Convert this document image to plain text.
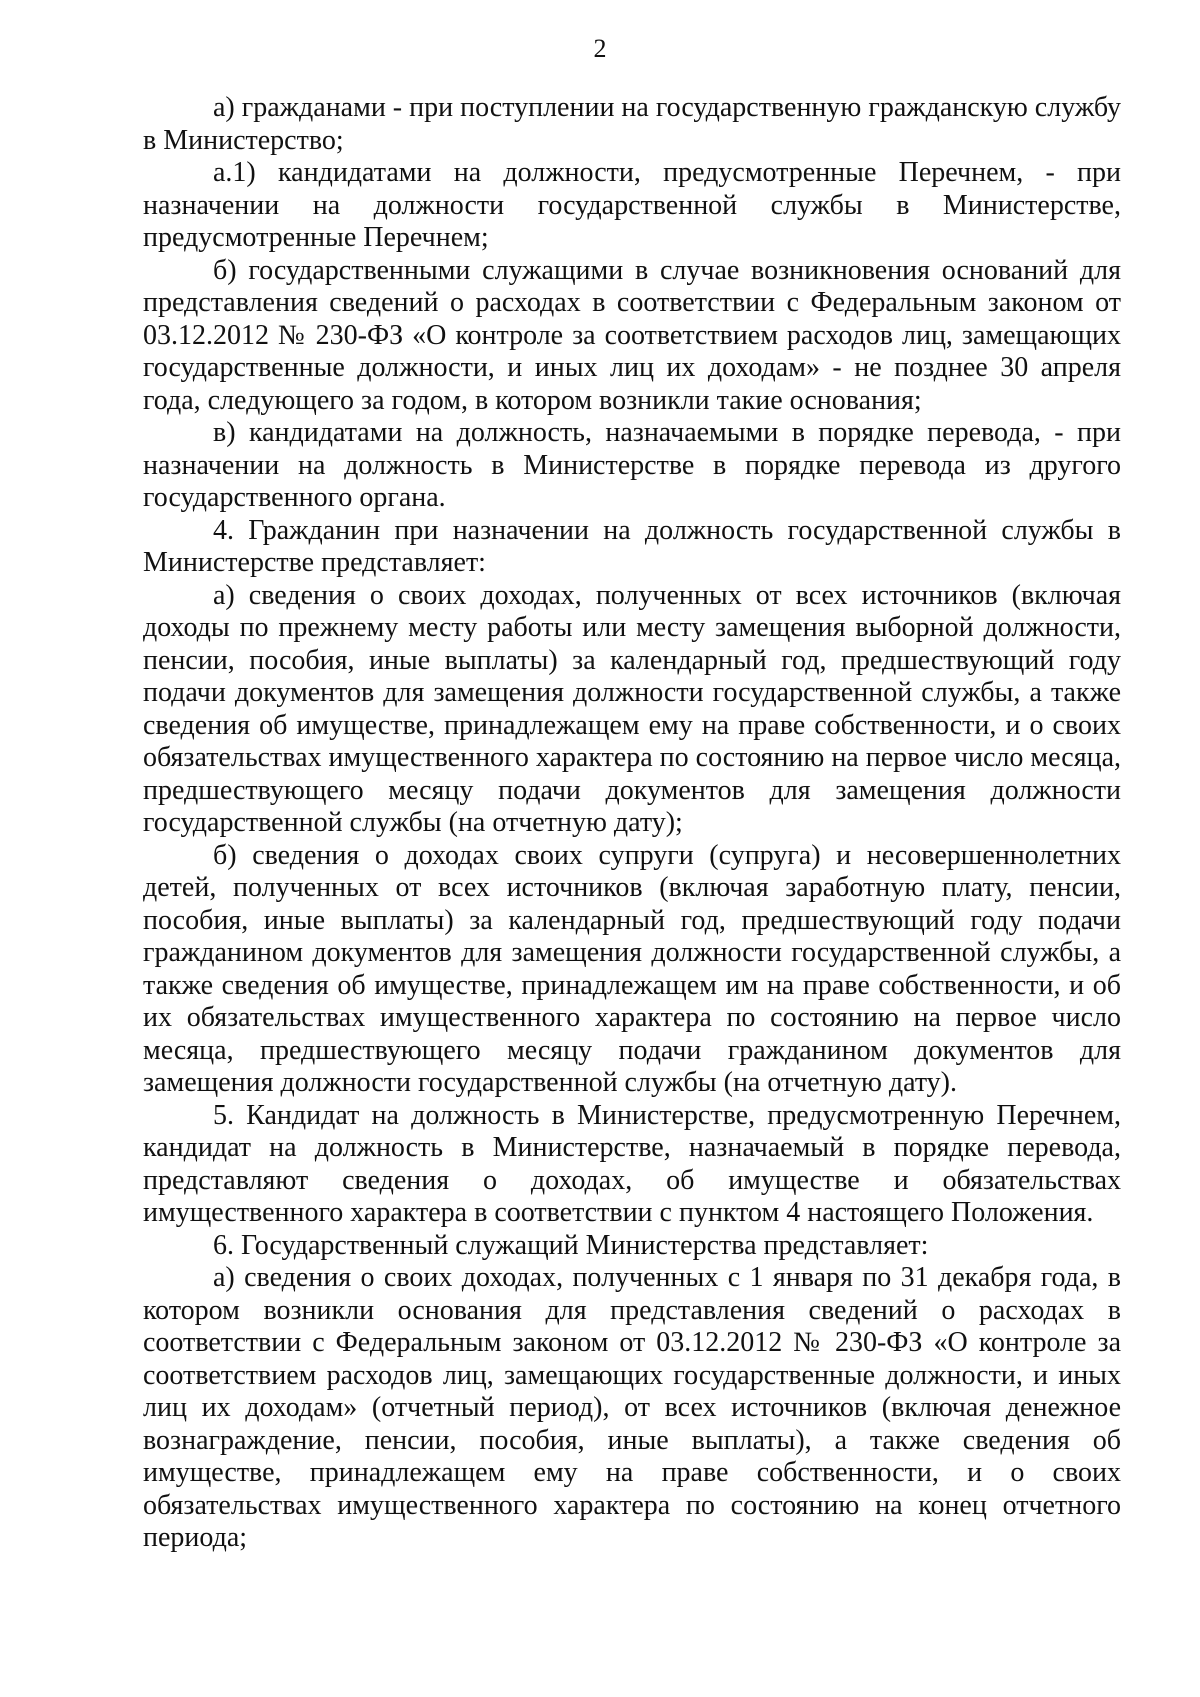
2

а) гражданами - при поступлении на государственную гражданскую службу в Министерство;

а.1) кандидатами на должности, предусмотренные Перечнем, - при назначении на должности государственной службы в Министерстве, предусмотренные Перечнем;

б) государственными служащими в случае возникновения оснований для представления сведений о расходах в соответствии с Федеральным законом от 03.12.2012 № 230-ФЗ «О контроле за соответствием расходов лиц, замещающих государственные должности, и иных лиц их доходам» - не позднее 30 апреля года, следующего за годом, в котором возникли такие основания;

в) кандидатами на должность, назначаемыми в порядке перевода, - при назначении на должность в Министерстве в порядке перевода из другого государственного органа.

4. Гражданин при назначении на должность государственной службы в Министерстве представляет:

а) сведения о своих доходах, полученных от всех источников (включая доходы по прежнему месту работы или месту замещения выборной должности, пенсии, пособия, иные выплаты) за календарный год, предшествующий году подачи документов для замещения должности государственной службы, а также сведения об имуществе, принадлежащем ему на праве собственности, и о своих обязательствах имущественного характера по состоянию на первое число месяца, предшествующего месяцу подачи документов для замещения должности государственной службы (на отчетную дату);

б) сведения о доходах своих супруги (супруга) и несовершеннолетних детей, полученных от всех источников (включая заработную плату, пенсии, пособия, иные выплаты) за календарный год, предшествующий году подачи гражданином документов для замещения должности государственной службы, а также сведения об имуществе, принадлежащем им на праве собственности, и об их обязательствах имущественного характера по состоянию на первое число месяца, предшествующего месяцу подачи гражданином документов для замещения должности государственной службы (на отчетную дату).

5. Кандидат на должность в Министерстве, предусмотренную Перечнем, кандидат на должность в Министерстве, назначаемый в порядке перевода, представляют сведения о доходах, об имуществе и обязательствах имущественного характера в соответствии с пунктом 4 настоящего Положения.

6. Государственный служащий Министерства представляет:

а) сведения о своих доходах, полученных с 1 января по 31 декабря года, в котором возникли основания для представления сведений о расходах в соответствии с Федеральным законом от 03.12.2012 № 230-ФЗ «О контроле за соответствием расходов лиц, замещающих государственные должности, и иных лиц их доходам» (отчетный период), от всех источников (включая денежное вознаграждение, пенсии, пособия, иные выплаты), а также сведения об имуществе, принадлежащем ему на праве собственности, и о своих обязательствах имущественного характера по состоянию на конец отчетного периода;
